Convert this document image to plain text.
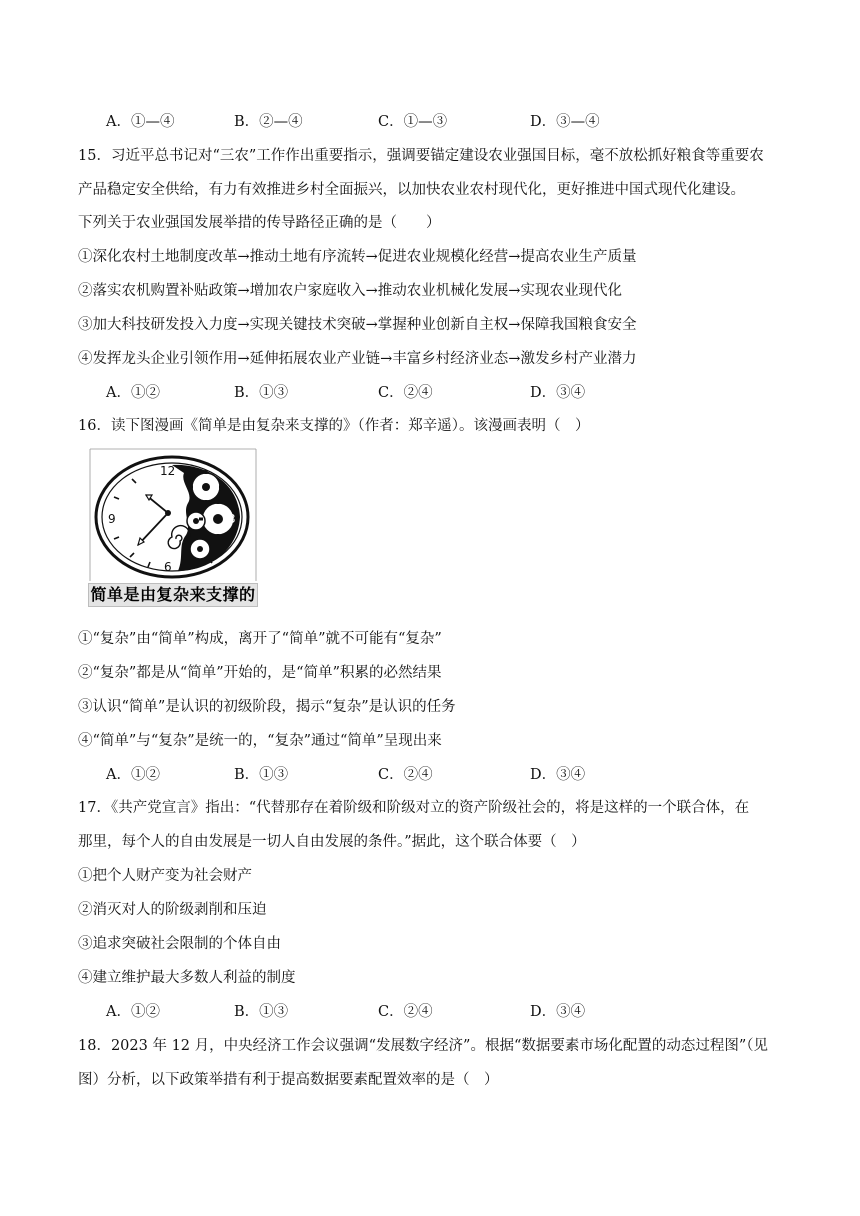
A．①—④	B．②—④	C．①—③	D．③—④
15．习近平总书记对“三农”工作作出重要指示，强调要锚定建设农业强国目标，毫不放松抓好粮食等重要农
产品稳定安全供给，有力有效推进乡村全面振兴，以加快农业农村现代化，更好推进中国式现代化建设。
下列关于农业强国发展举措的传导路径正确的是（　　）
①深化农村土地制度改革→推动土地有序流转→促进农业规模化经营→提高农业生产质量
②落实农机购置补贴政策→增加农户家庭收入→推动农业机械化发展→实现农业现代化
③加大科技研发投入力度→实现关键技术突破→掌握种业创新自主权→保障我国粮食安全
④发挥龙头企业引领作用→延伸拓展农业产业链→丰富乡村经济业态→激发乡村产业潜力
A．①②	B．①③	C．②④	D．③④
16．读下图漫画《简单是由复杂来支撑的》（作者：郑辛遥）。该漫画表明（　）
12
3
6
9
简单是由复杂来支撑的
①“复杂”由“简单”构成，离开了“简单”就不可能有“复杂”
②“复杂”都是从“简单”开始的，是“简单”积累的必然结果
③认识“简单”是认识的初级阶段，揭示“复杂”是认识的任务
④“简单”与“复杂”是统一的，“复杂”通过“简单”呈现出来
A．①②	B．①③	C．②④	D．③④
17．《共产党宣言》指出：“代替那存在着阶级和阶级对立的资产阶级社会的，将是这样的一个联合体，在
那里，每个人的自由发展是一切人自由发展的条件。”据此，这个联合体要（　）
①把个人财产变为社会财产
②消灭对人的阶级剥削和压迫
③追求突破社会限制的个体自由
④建立维护最大多数人利益的制度
A．①②	B．①③	C．②④	D．③④
18．2023 年 12 月，中央经济工作会议强调“发展数字经济”。根据“数据要素市场化配置的动态过程图”（见
图）分析，以下政策举措有利于提高数据要素配置效率的是（　）
